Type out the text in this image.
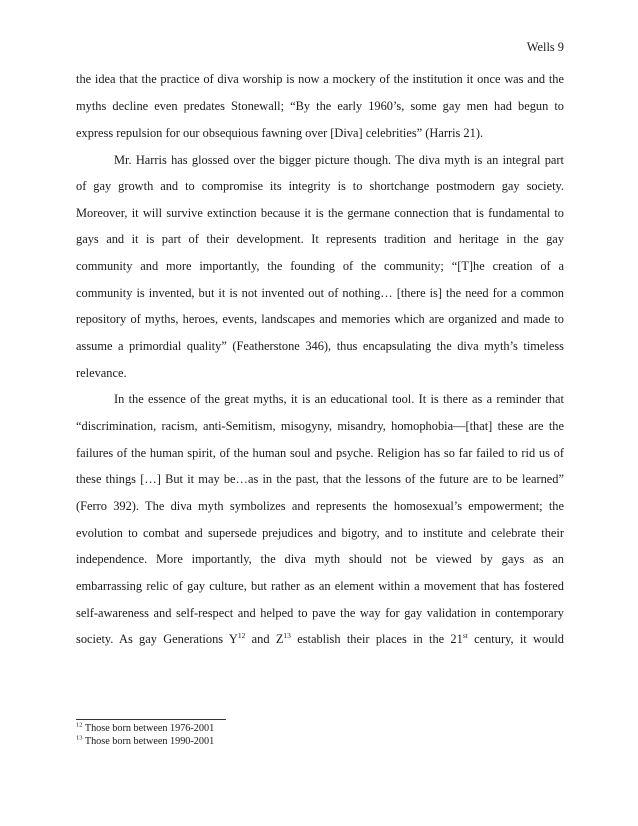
Wells 9
the idea that the practice of diva worship is now a mockery of the institution it once was and the
myths decline even predates Stonewall; “By the early 1960’s, some gay men had begun to
express repulsion for our obsequious fawning over [Diva] celebrities” (Harris 21).
Mr. Harris has glossed over the bigger picture though. The diva myth is an integral part
of gay growth and to compromise its integrity is to shortchange postmodern gay society.
Moreover, it will survive extinction because it is the germane connection that is fundamental to
gays and it is part of their development. It represents tradition and heritage in the gay
community and more importantly, the founding of the community; “[T]he creation of a
community is invented, but it is not invented out of nothing… [there is] the need for a common
repository of myths, heroes, events, landscapes and memories which are organized and made to
assume a primordial quality” (Featherstone 346), thus encapsulating the diva myth’s timeless
relevance.
In the essence of the great myths, it is an educational tool. It is there as a reminder that
“discrimination, racism, anti-Semitism, misogyny, misandry, homophobia—[that] these are the
failures of the human spirit, of the human soul and psyche. Religion has so far failed to rid us of
these things […] But it may be…as in the past, that the lessons of the future are to be learned”
(Ferro 392). The diva myth symbolizes and represents the homosexual’s empowerment; the
evolution to combat and supersede prejudices and bigotry, and to institute and celebrate their
independence. More importantly, the diva myth should not be viewed by gays as an
embarrassing relic of gay culture, but rather as an element within a movement that has fostered
self-awareness and self-respect and helped to pave the way for gay validation in contemporary
society. As gay Generations $Y^{12}$ and $Z^{13}$ establish their places in the 21st century, it would
$^{12}$ Those born between 1976-2001
$^{13}$ Those born between 1990-2001
